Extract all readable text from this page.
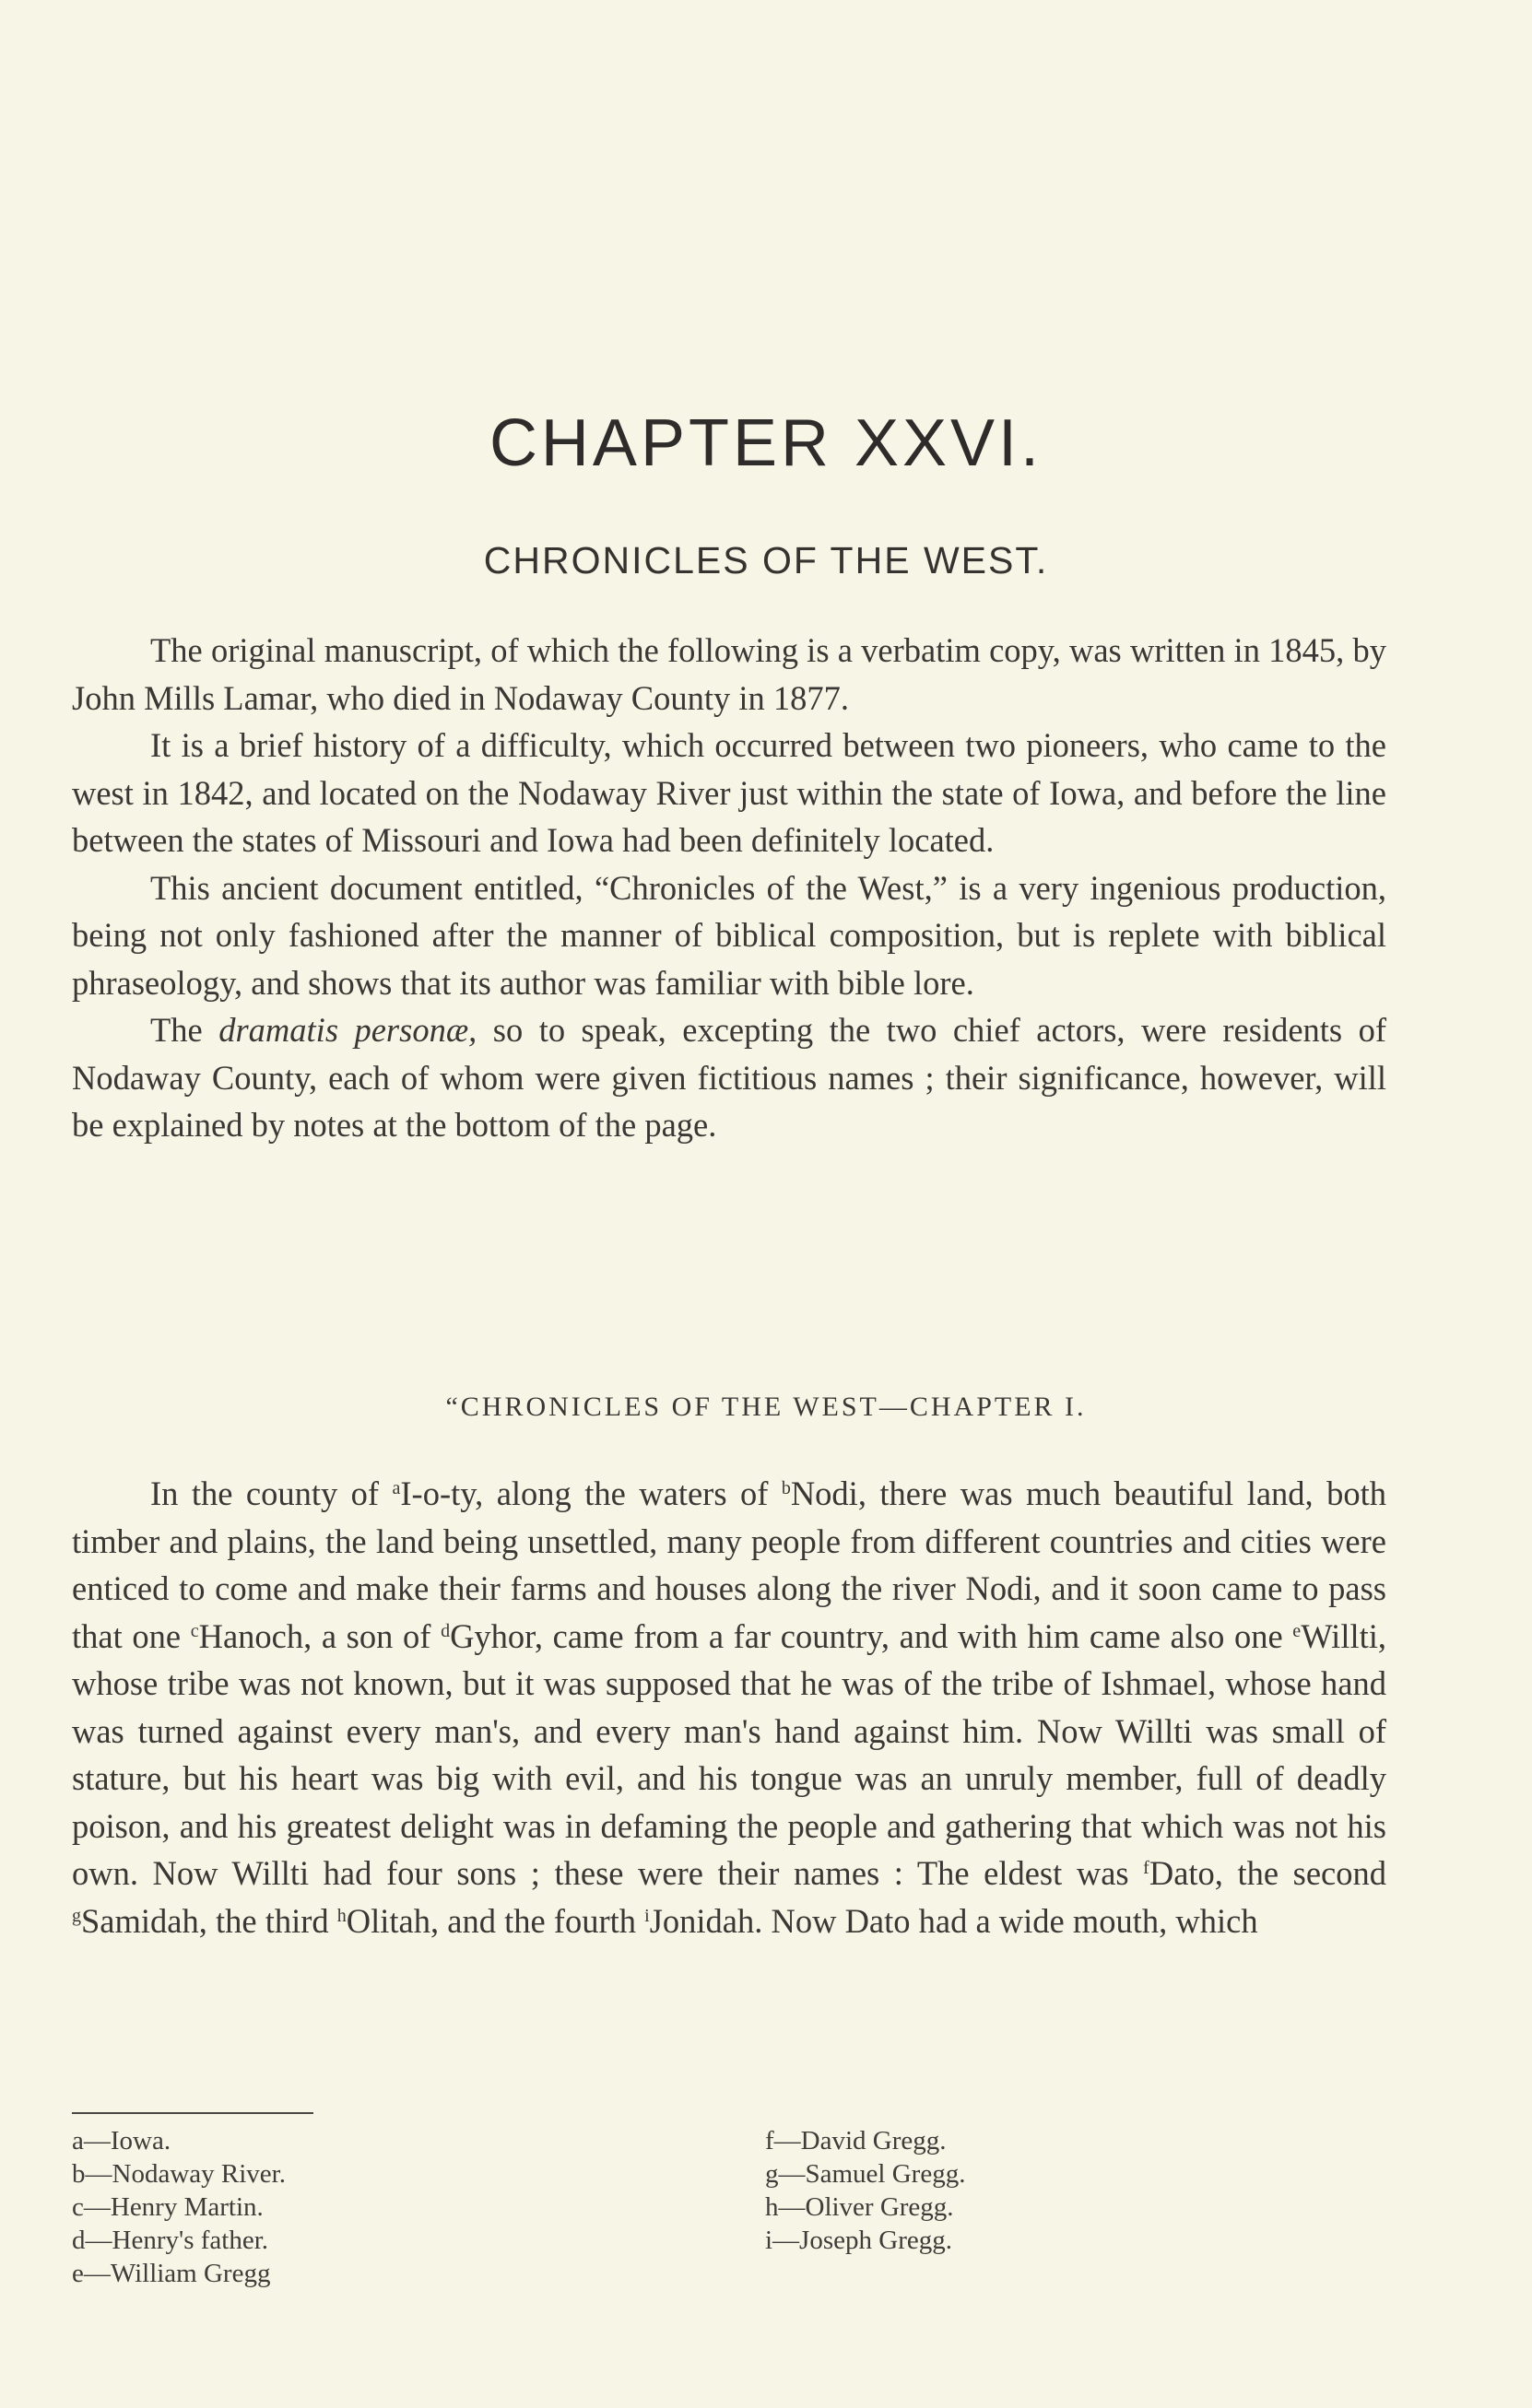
CHAPTER XXVI.
CHRONICLES OF THE WEST.

The original manuscript, of which the following is a verbatim copy, was written in 1845, by John Mills Lamar, who died in Nodaway County in 1877.

It is a brief history of a difficulty, which occurred between two pioneers, who came to the west in 1842, and located on the Nodaway River just within the state of Iowa, and before the line between the states of Missouri and Iowa had been definitely located.

This ancient document entitled, “Chronicles of the West,” is a very ingenious production, being not only fashioned after the manner of biblical composition, but is replete with biblical phraseology, and shows that its author was familiar with bible lore.

The dramatis personæ, so to speak, excepting the two chief actors, were residents of Nodaway County, each of whom were given fictitious names ; their significance, however, will be explained by notes at the bottom of the page.

“CHRONICLES OF THE WEST—CHAPTER I.

In the county of $^a$I-o-ty, along the waters of $^b$Nodi, there was much beautiful land, both timber and plains, the land being unsettled, many people from different countries and cities were enticed to come and make their farms and houses along the river Nodi, and it soon came to pass that one $^c$Hanoch, a son of $^d$Gyhor, came from a far country, and with him came also one $^e$Willti, whose tribe was not known, but it was supposed that he was of the tribe of Ishmael, whose hand was turned against every man's, and every man's hand against him. Now Willti was small of stature, but his heart was big with evil, and his tongue was an unruly member, full of deadly poison, and his greatest delight was in defaming the people and gathering that which was not his own. Now Willti had four sons ; these were their names : The eldest was $^f$Dato, the second $^g$Samidah, the third $^h$Olitah, and the fourth $^i$Jonidah. Now Dato had a wide mouth, which

a—Iowa.
b—Nodaway River.
c—Henry Martin.
d—Henry's father.
e—William Gregg
f—David Gregg.
g—Samuel Gregg.
h—Oliver Gregg.
i—Joseph Gregg.
